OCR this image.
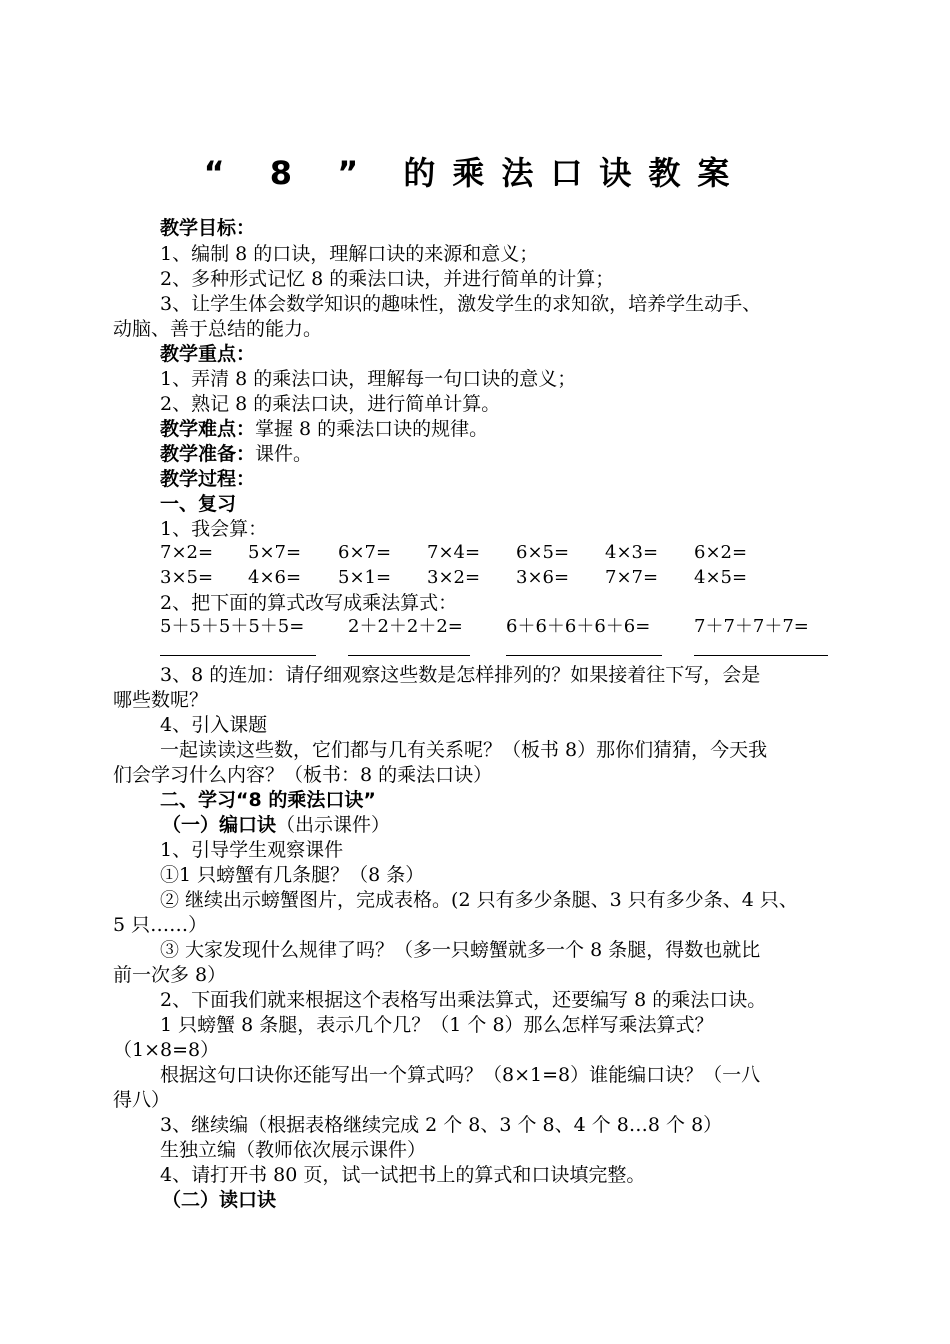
“ 8 ” 的乘法口诀教案
教学目标：
1、编制 8 的口诀，理解口诀的来源和意义；
2、多种形式记忆 8 的乘法口诀，并进行简单的计算；
3、让学生体会数学知识的趣味性，激发学生的求知欲，培养学生动手、
动脑、善于总结的能力。
教学重点：
1、弄清 8 的乘法口诀，理解每一句口诀的意义；
2、熟记 8 的乘法口诀，进行简单计算。
教学难点：掌握 8 的乘法口诀的规律。
教学准备：课件。
教学过程：
一、复习
1、我会算：
7×2= 5×7= 6×7= 7×4= 6×5= 4×3= 6×2=
3×5= 4×6= 5×1= 3×2= 3×6= 7×7= 4×5=
2、把下面的算式改写成乘法算式：
5＋5＋5＋5＋5= 2＋2＋2＋2= 6＋6＋6＋6＋6= 7＋7＋7＋7=
3、8 的连加：请仔细观察这些数是怎样排列的？如果接着往下写，会是
哪些数呢？
4、引入课题
一起读读这些数，它们都与几有关系呢？（板书 8）那你们猜猜，今天我
们会学习什么内容？（板书：8 的乘法口诀）
二、学习“8 的乘法口诀”
（一）编口诀（出示课件）
1、引导学生观察课件
①1 只螃蟹有几条腿？（8 条）
② 继续出示螃蟹图片，完成表格。(2 只有多少条腿、3 只有多少条、4 只、
5 只……）
③ 大家发现什么规律了吗？（多一只螃蟹就多一个 8 条腿，得数也就比
前一次多 8）
2、下面我们就来根据这个表格写出乘法算式，还要编写 8 的乘法口诀。
1 只螃蟹 8 条腿，表示几个几？（1 个 8）那么怎样写乘法算式？
（1×8=8）
根据这句口诀你还能写出一个算式吗？（8×1=8）谁能编口诀？（一八
得八）
3、继续编（根据表格继续完成 2 个 8、3 个 8、4 个 8…8 个 8）
生独立编（教师依次展示课件）
4、请打开书 80 页，试一试把书上的算式和口诀填完整。
（二）读口诀
